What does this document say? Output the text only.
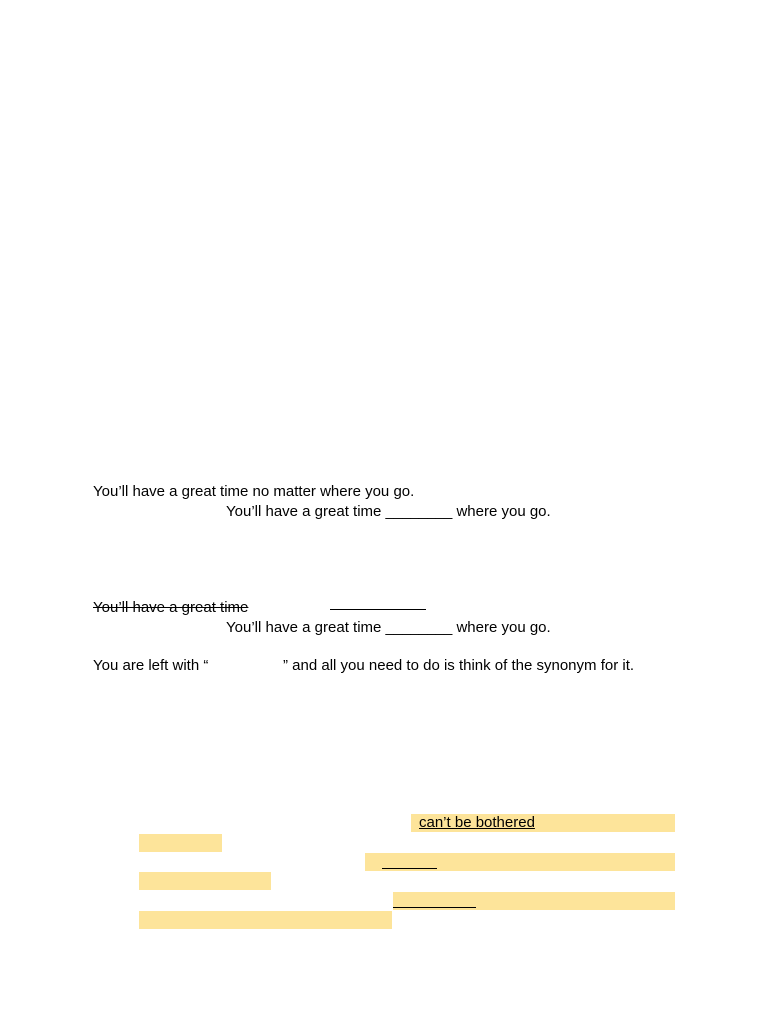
You’ll have a great time no matter where you go.
You’ll have a great time ________ where you go.
You’ll have a great time
You’ll have a great time ________ where you go.
You are left with “	” and all you need to do is think of the synonym for it.
can’t be bothered
